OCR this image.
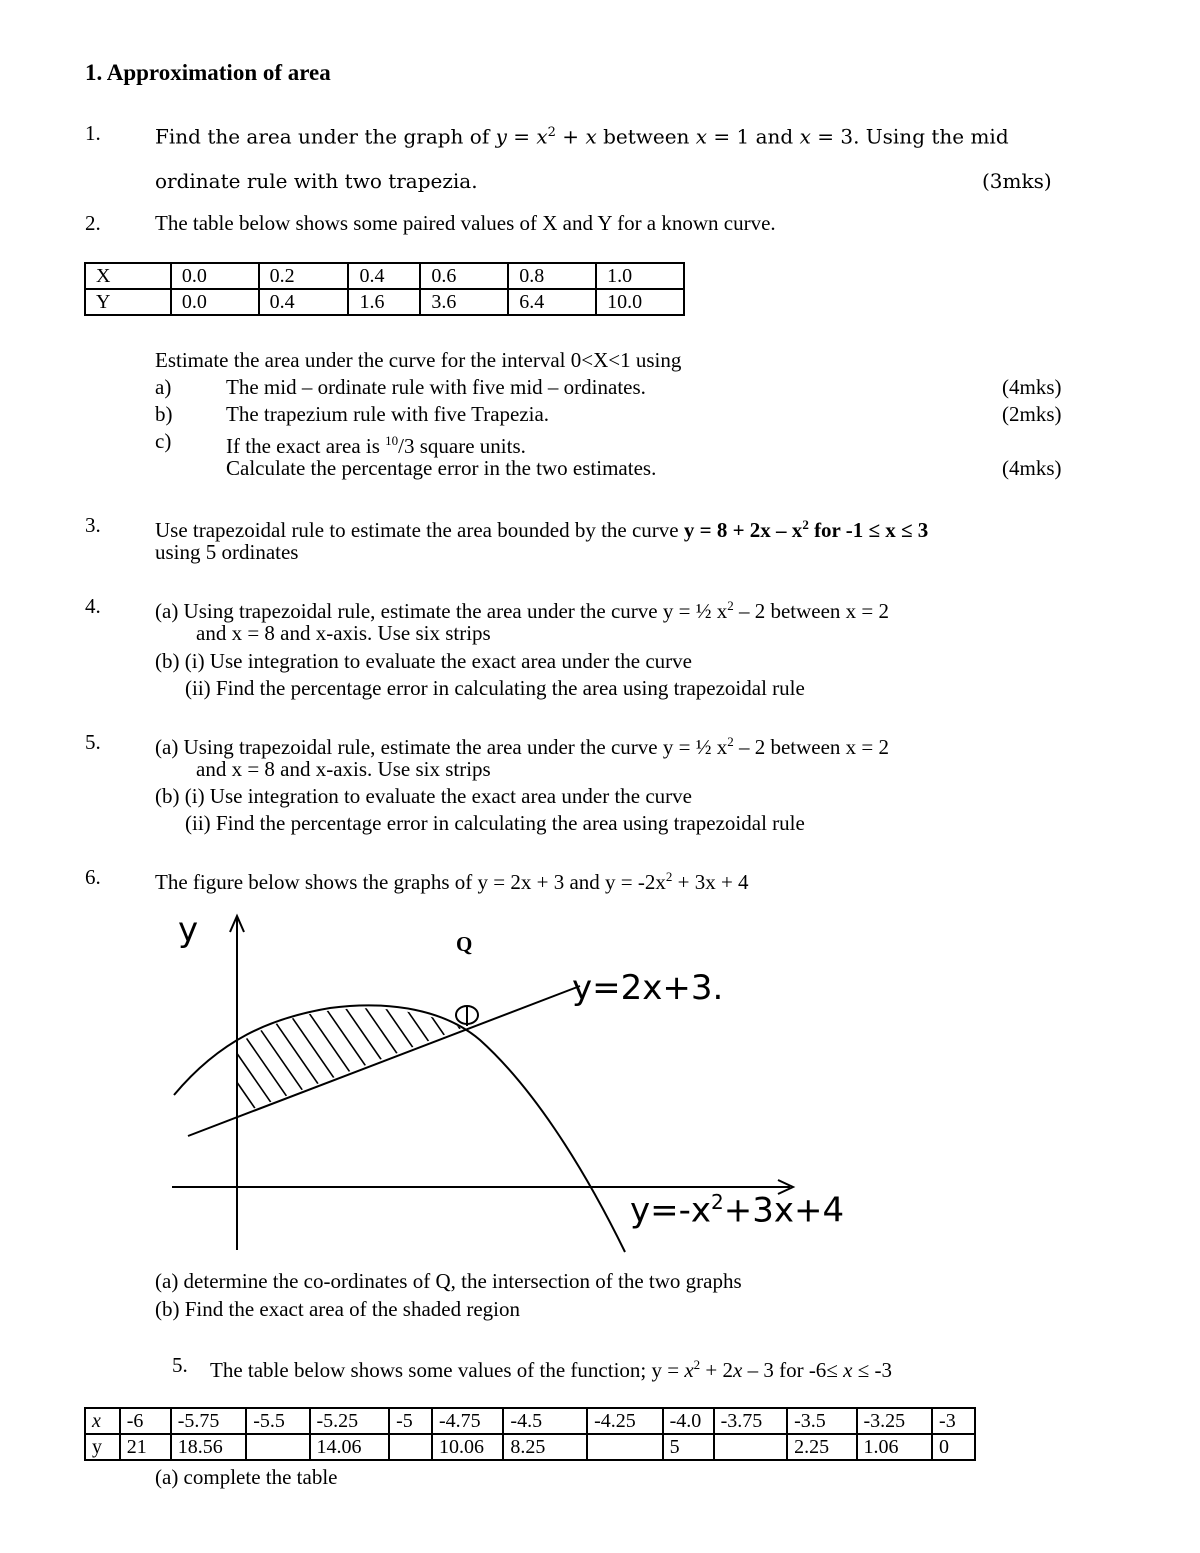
1. Approximation of area
1.	Find the area under the graph of $y = x^2 + x$ between x = 1 and x = 3. Using the mid
ordinate rule with two trapezia.	(3mks)
2.	The table below shows some paired values of X and Y for a known curve.
X	0.0	0.2	0.4	0.6	0.8	1.0
Y	0.0	0.4	1.6	3.6	6.4	10.0
Estimate the area under the curve for the interval 0<X<1 using
a)	The mid – ordinate rule with five mid – ordinates.	(4mks)
b)	The trapezium rule with five Trapezia.	(2mks)
c)	If the exact area is $^{10}$/3 square units.
Calculate the percentage error in the two estimates.	(4mks)
3.	Use trapezoidal rule to estimate the area bounded by the curve $y = 8 + 2x - x^2$ for -1 ≤ x ≤ 3
using 5 ordinates
4.	(a) Using trapezoidal rule, estimate the area under the curve y = ½ $x^2 - 2$ between x = 2
and x = 8 and x-axis. Use six strips
(b) (i) Use integration to evaluate the exact area under the curve
(ii) Find the percentage error in calculating the area using trapezoidal rule
5.	(a) Using trapezoidal rule, estimate the area under the curve y = ½ $x^2 - 2$ between x = 2
and x = 8 and x-axis. Use six strips
(b) (i) Use integration to evaluate the exact area under the curve
(ii) Find the percentage error in calculating the area using trapezoidal rule
6.	The figure below shows the graphs of y = 2x + 3 and $y = -2x^2 + 3x + 4$
y	Q
y=2x+3.
$y=-x^2+3x+4$
(a) determine the co-ordinates of Q, the intersection of the two graphs
(b) Find the exact area of the shaded region
5. The table below shows some values of the function; $y = x^2 + 2x - 3$ for -6≤ x ≤ -3
x	-6	-5.75	-5.5	-5.25	-5	-4.75	-4.5	-4.25	-4.0	-3.75	-3.5	-3.25	-3
y	21	18.56		14.06		10.06	8.25		5		2.25	1.06	0
(a) complete the table
